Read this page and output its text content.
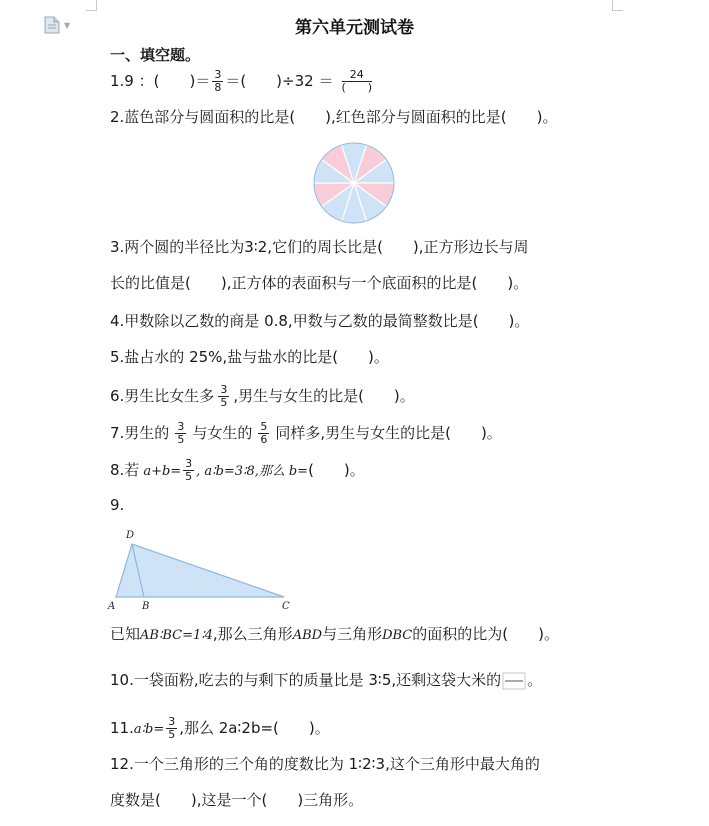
▼	第六单元测试卷
一、填空题。
1.9 ：(　　)＝ $\frac{3}{8}$ ＝(　　)$\div 32 = \frac{24}{( )}$
2.蓝色部分与圆面积的比是(　　),红色部分与圆面积的比是(　　)。
3.两个圆的半径比为3∶2,它们的周长比是(　　),正方形边长与周
长的比值是(　　),正方体的表面积与一个底面积的比是(　　)。
4.甲数除以乙数的商是 0.8,甲数与乙数的最简整数比是(　　)。
5.盐占水的 25%,盐与盐水的比是(　　)。
6.男生比女生多 $\frac{3}{5}$ ,男生与女生的比是(　　)。
7.男生的 $\frac{3}{5}$ 与女生的 $\frac{5}{6}$ 同样多,男生与女生的比是(　　)。
8.若 $a+b= \frac{3}{5}$ , a∶b=3∶8,那么 b=(　　)。
9.
D
A	B	C
已知AB∶BC=1∶4,那么三角形ABD与三角形DBC的面积的比为(　　)。
10.一袋面粉,吃去的与剩下的质量比是 3∶5,还剩这袋大米的 。
11.a∶b= $\frac{3}{5}$ ,那么 2a∶2b=(　　)。
12.一个三角形的三个角的度数比为 1∶2∶3,这个三角形中最大角的
度数是(　　),这是一个(　　)三角形。
